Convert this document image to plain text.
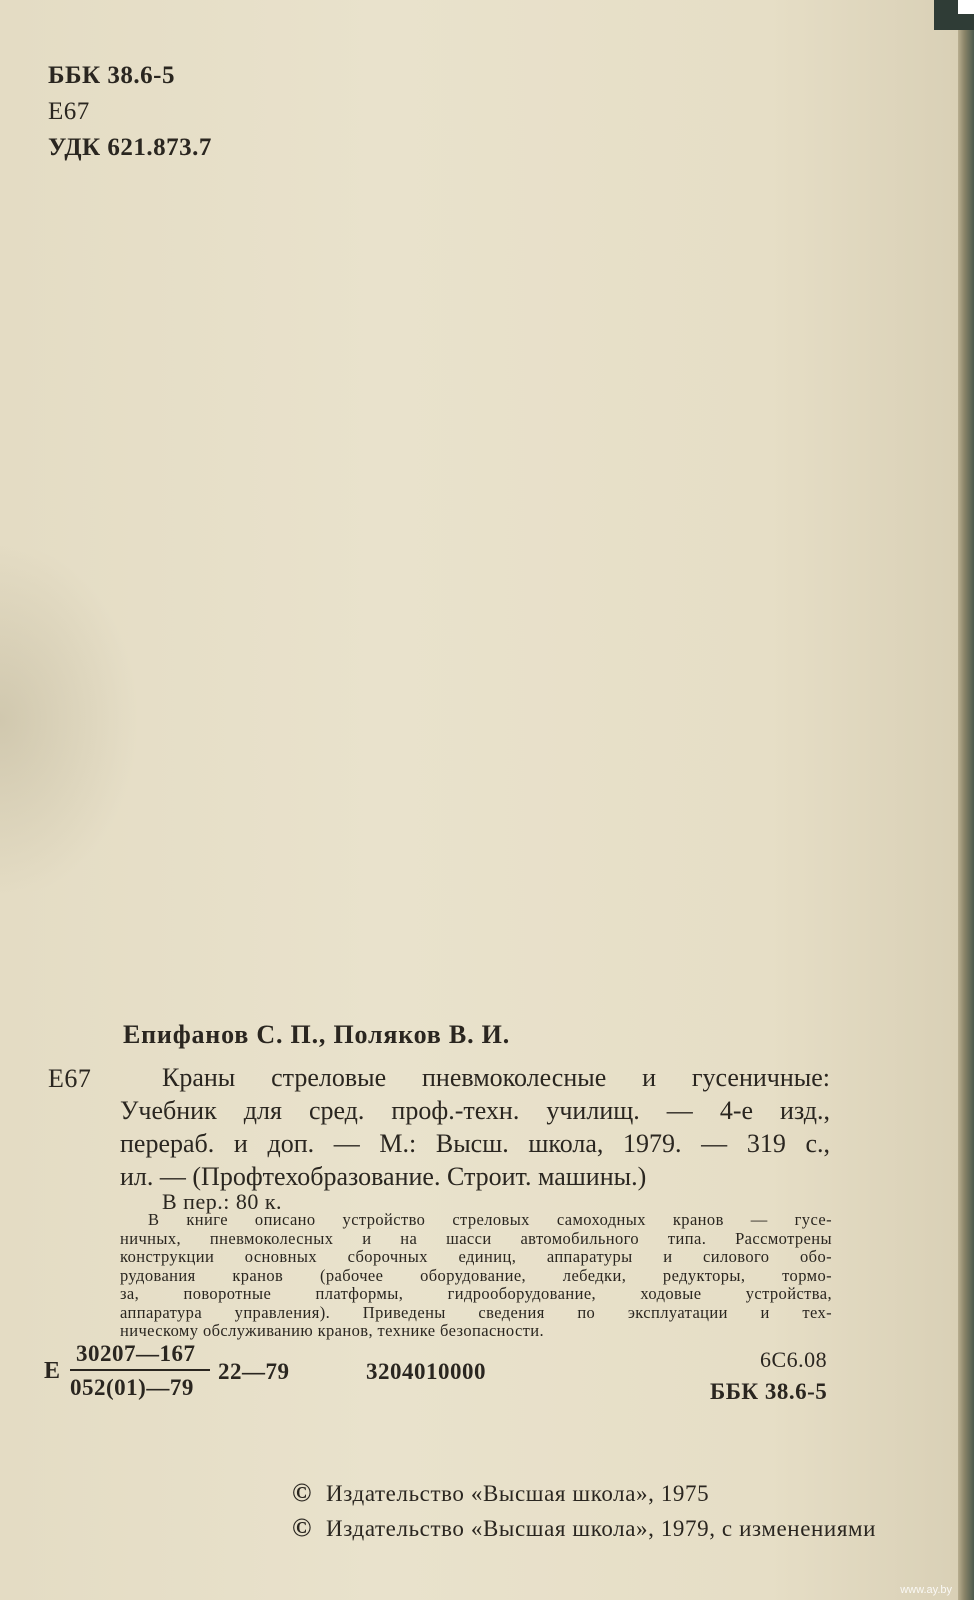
ББК 38.6-5
Е67
УДК 621.873.7
Епифанов С. П., Поляков В. И.
Е67	Краны стреловые пневмоколесные и гусеничные:
Учебник для сред. проф.-техн. училищ. — 4-е изд.,
перераб. и доп. — М.: Высш. школа, 1979. — 319 с.,
ил. — (Профтехобразование. Строит. машины.)
В пер.: 80 к.
В книге описано устройство стреловых самоходных кранов — гусе-
ничных, пневмоколесных и на шасси автомобильного типа. Рассмотрены
конструкции основных сборочных единиц, аппаратуры и силового обо-
рудования кранов (рабочее оборудование, лебедки, редукторы, тормо-
за, поворотные платформы, гидрооборудование, ходовые устройства,
аппаратура управления). Приведены сведения по эксплуатации и тех-
ническому обслуживанию кранов, технике безопасности.
Е
30207—167
052(01)—79
22—79	3204010000	6С6.08
ББК 38.6-5
© Издательство «Высшая школа», 1975
© Издательство «Высшая школа», 1979, с изменениями
www.ay.by
